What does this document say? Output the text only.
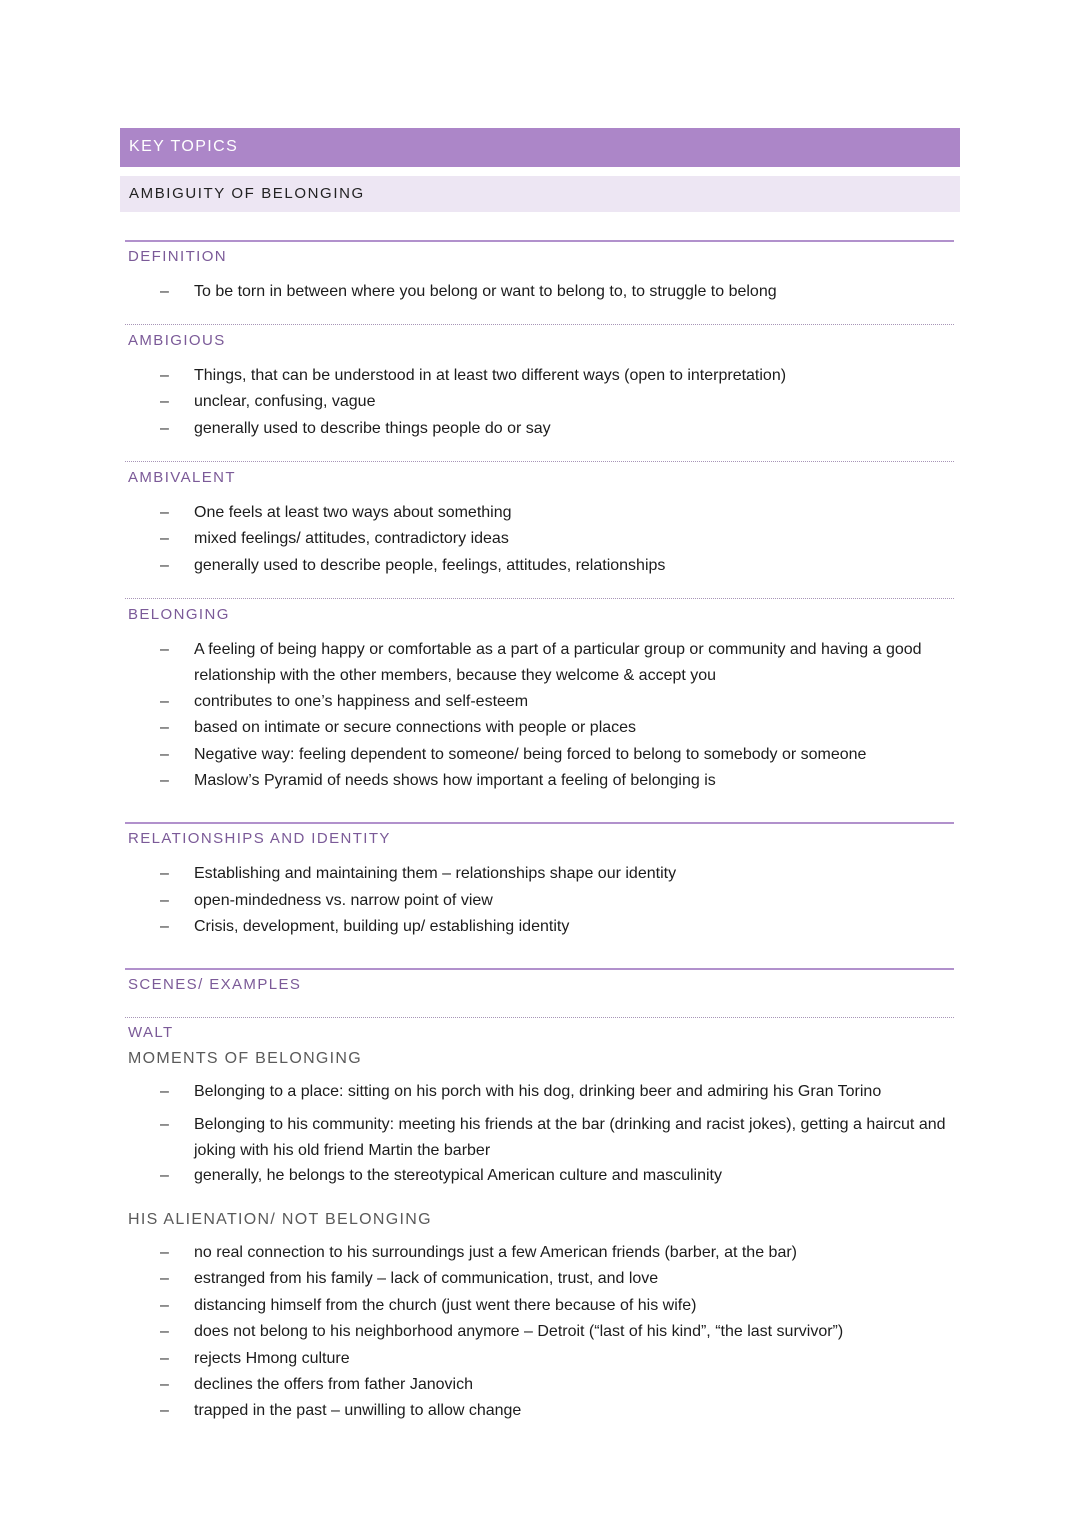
KEY TOPICS
AMBIGUITY OF BELONGING
DEFINITION
– To be torn in between where you belong or want to belong to, to struggle to belong
AMBIGIOUS
– Things, that can be understood in at least two different ways (open to interpretation)
– unclear, confusing, vague
– generally used to describe things people do or say
AMBIVALENT
– One feels at least two ways about something
– mixed feelings/ attitudes, contradictory ideas
– generally used to describe people, feelings, attitudes, relationships
BELONGING
– A feeling of being happy or comfortable as a part of a particular group or community and having a good relationship with the other members, because they welcome & accept you
– contributes to one’s happiness and self-esteem
– based on intimate or secure connections with people or places
– Negative way: feeling dependent to someone/ being forced to belong to somebody or someone
– Maslow’s Pyramid of needs shows how important a feeling of belonging is
RELATIONSHIPS AND IDENTITY
– Establishing and maintaining them – relationships shape our identity
– open-mindedness vs. narrow point of view
– Crisis, development, building up/ establishing identity
SCENES/ EXAMPLES
WALT
MOMENTS OF BELONGING
– Belonging to a place: sitting on his porch with his dog, drinking beer and admiring his Gran Torino
– Belonging to his community: meeting his friends at the bar (drinking and racist jokes), getting a haircut and joking with his old friend Martin the barber
– generally, he belongs to the stereotypical American culture and masculinity
HIS ALIENATION/ NOT BELONGING
– no real connection to his surroundings just a few American friends (barber, at the bar)
– estranged from his family – lack of communication, trust, and love
– distancing himself from the church (just went there because of his wife)
– does not belong to his neighborhood anymore – Detroit (“last of his kind”, “the last survivor”)
– rejects Hmong culture
– declines the offers from father Janovich
– trapped in the past – unwilling to allow change
